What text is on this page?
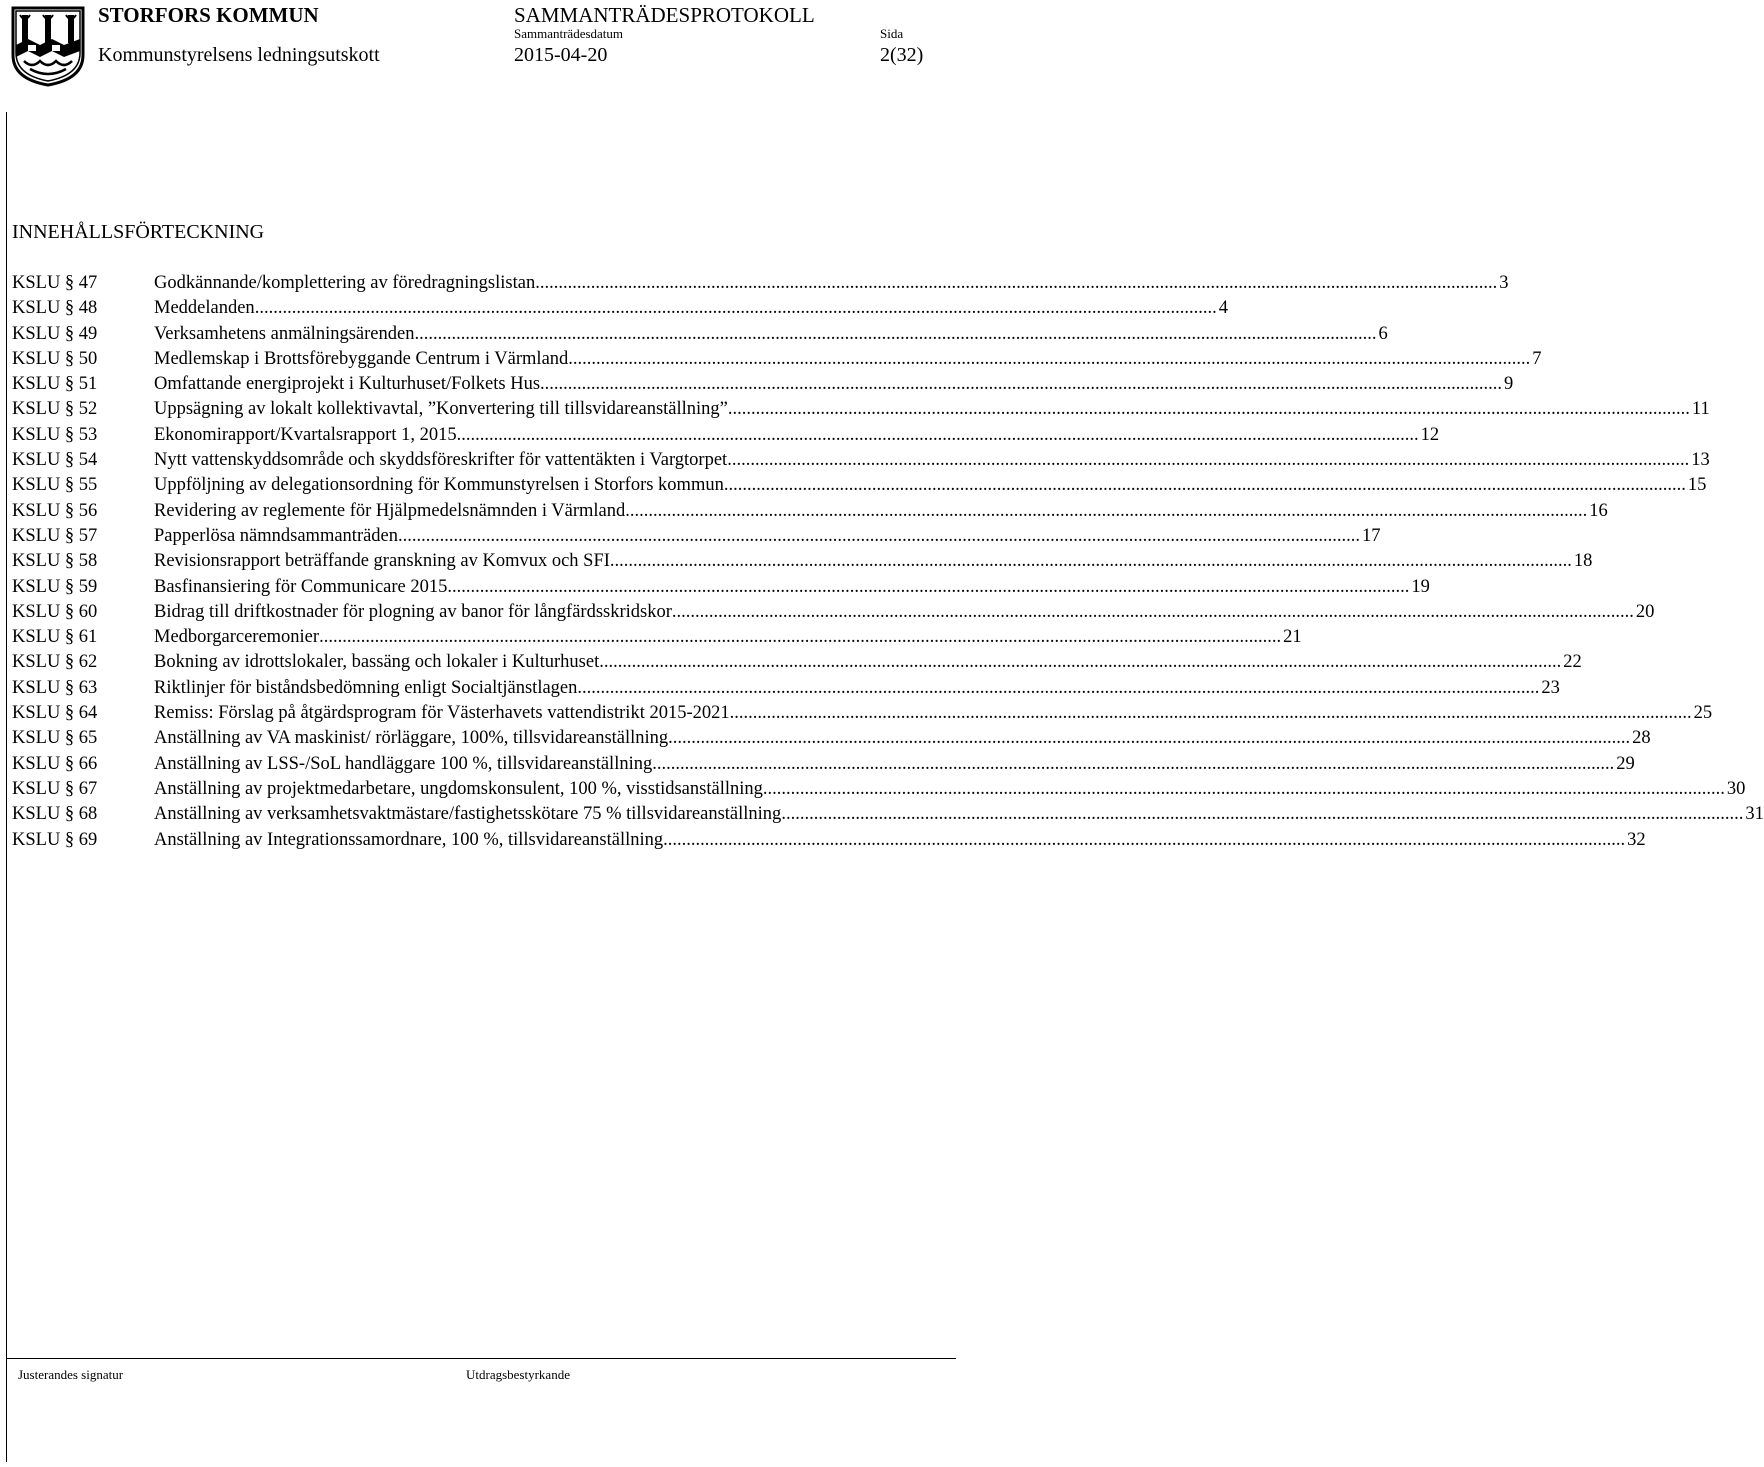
STORFORS KOMMUN
Kommunstyrelsens ledningsutskott
SAMMANTRÄDESPROTOKOLL
Sammanträdesdatum
2015-04-20
Sida
2(32)
INNEHÅLLSFÖRTECKNING
KSLU § 47	Godkännande/komplettering av föredragningslistan .....	3
KSLU § 48	Meddelanden .....	4
KSLU § 49	Verksamhetens anmälningsärenden .....	6
KSLU § 50	Medlemskap i Brottsförebyggande Centrum i Värmland .....	7
KSLU § 51	Omfattande energiprojekt i Kulturhuset/Folkets Hus .....	9
KSLU § 52	Uppsägning av lokalt kollektivavtal, ”Konvertering till tillsvidareanställning” .....	11
KSLU § 53	Ekonomirapport/Kvartalsrapport 1, 2015 .....	12
KSLU § 54	Nytt vattenskyddsområde och skyddsföreskrifter för vattentäkten i Vargtorpet .....	13
KSLU § 55	Uppföljning av delegationsordning för Kommunstyrelsen i Storfors kommun .....	15
KSLU § 56	Revidering av reglemente för Hjälpmedelsnämnden i Värmland .....	16
KSLU § 57	Papperlösa nämndsammanträden .....	17
KSLU § 58	Revisionsrapport beträffande granskning av Komvux och SFI .....	18
KSLU § 59	Basfinansiering för Communicare 2015 .....	19
KSLU § 60	Bidrag till driftkostnader för plogning av banor för långfärdsskridskor .....	20
KSLU § 61	Medborgarceremonier .....	21
KSLU § 62	Bokning av idrottslokaler, bassäng och lokaler i Kulturhuset .....	22
KSLU § 63	Riktlinjer för biståndsbedömning enligt Socialtjänstlagen .....	23
KSLU § 64	Remiss: Förslag på åtgärdsprogram för Västerhavets vattendistrikt 2015-2021 .....	25
KSLU § 65	Anställning av VA maskinist/ rörläggare, 100%, tillsvidareanställning .....	28
KSLU § 66	Anställning av LSS-/SoL handläggare 100 %, tillsvidareanställning .....	29
KSLU § 67	Anställning av projektmedarbetare, ungdomskonsulent, 100 %, visstidsanställning .....	30
KSLU § 68	Anställning av verksamhetsvaktmästare/fastighetsskötare 75 % tillsvidareanställning .....	31
KSLU § 69	Anställning av Integrationssamordnare, 100 %, tillsvidareanställning .....	32
Justerandes signatur	Utdragsbestyrkande
